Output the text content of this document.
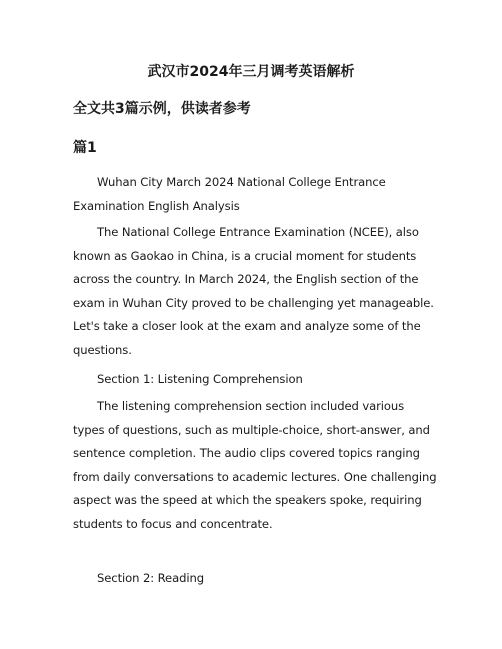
武汉市2024年三月调考英语解析
全文共3篇示例，供读者参考
篇1

Wuhan City March 2024 National College Entrance Examination English Analysis

The National College Entrance Examination (NCEE), also known as Gaokao in China, is a crucial moment for students across the country. In March 2024, the English section of the exam in Wuhan City proved to be challenging yet manageable. Let's take a closer look at the exam and analyze some of the questions.

Section 1: Listening Comprehension

The listening comprehension section included various types of questions, such as multiple-choice, short-answer, and sentence completion. The audio clips covered topics ranging from daily conversations to academic lectures. One challenging aspect was the speed at which the speakers spoke, requiring students to focus and concentrate.

Section 2: Reading
